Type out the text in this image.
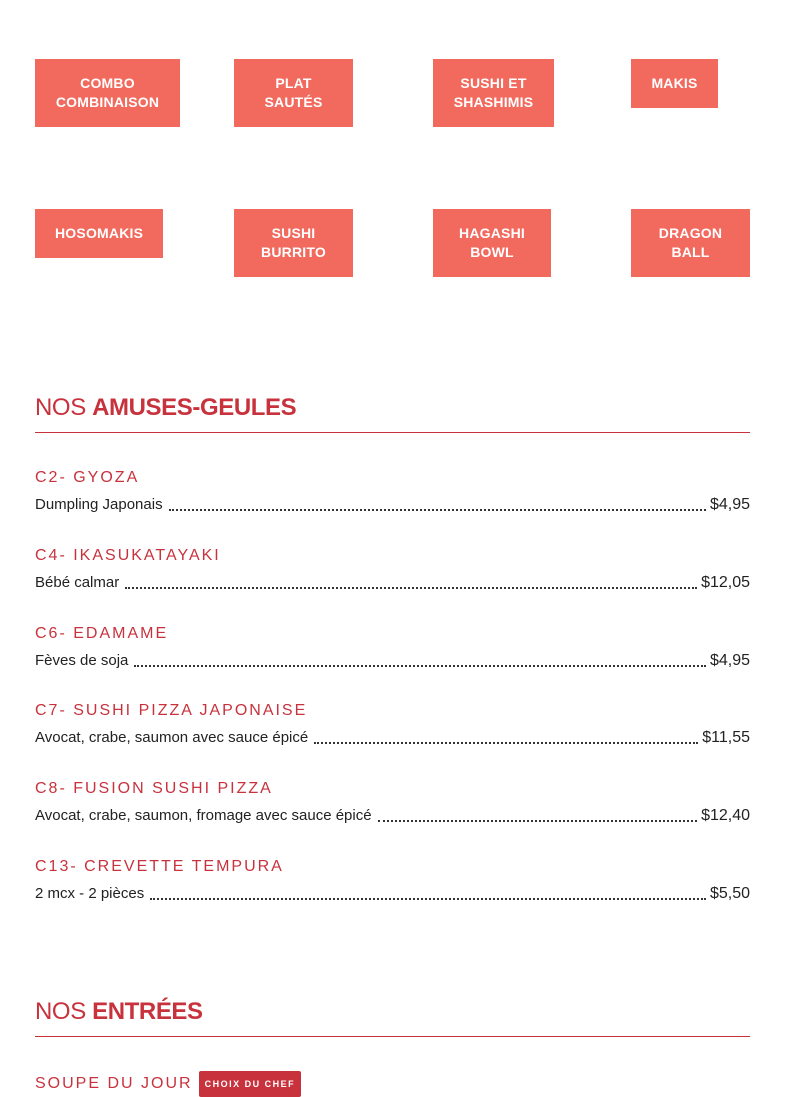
COMBO
COMBINAISON
PLAT
SAUTÉS
SUSHI ET
SHASHIMIS
MAKIS
HOSOMAKIS	SUSHI
BURRITO
HAGASHI
BOWL
DRAGON
BALL
NOS AMUSES-GEULES
C2- GYOZA
Dumpling Japonais	$4,95
C4- IKASUKATAYAKI
Bébé calmar	$12,05
C6- EDAMAME
Fèves de soja	$4,95
C7- SUSHI PIZZA JAPONAISE
Avocat, crabe, saumon avec sauce épicé	$11,55
C8- FUSION SUSHI PIZZA
Avocat, crabe, saumon, fromage avec sauce épicé	$12,40
C13- CREVETTE TEMPURA
2 mcx - 2 pièces	$5,50
NOS ENTRÉES
SOUPE DU JOUR CHOIX DU CHEF
